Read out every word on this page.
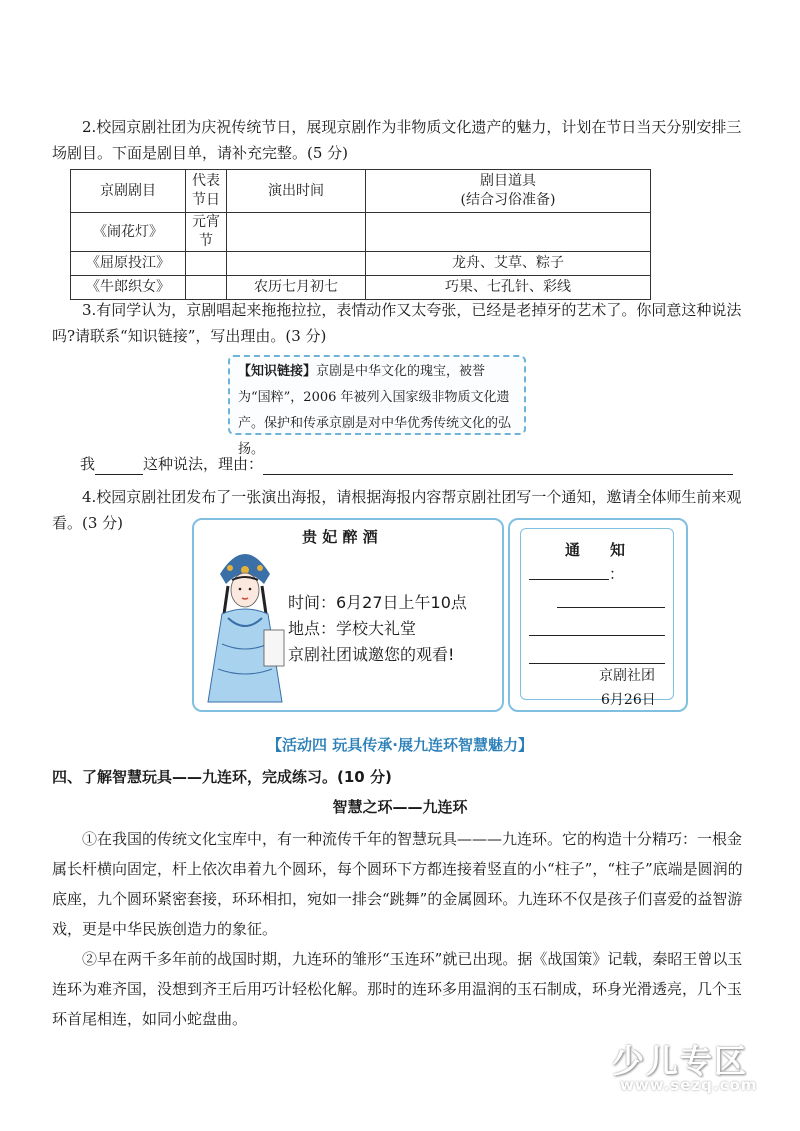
2.校园京剧社团为庆祝传统节日，展现京剧作为非物质文化遗产的魅力，计划在节日当天分别安排三场剧目。下面是剧目单，请补充完整。(5 分)
京剧剧目	代表节日	演出时间	剧目道具
(结合习俗准备)

《闹花灯》	元宵节		
《屈原投江》			龙舟、艾草、粽子
《牛郎织女》		农历七月初七	巧果、七孔针、彩线
3.有同学认为，京剧唱起来拖拖拉拉，表情动作又太夸张，已经是老掉牙的艺术了。你同意这种说法吗?请联系“知识链接”，写出理由。(3 分)
【知识链接】京剧是中华文化的瑰宝，被誉为“国粹”，2006 年被列入国家级非物质文化遗产。保护和传承京剧是对中华优秀传统文化的弘扬。
我	这种说法，理由：
4.校园京剧社团发布了一张演出海报，请根据海报内容帮京剧社团写一个通知，邀请全体师生前来观看。(3 分)
贵 妃 醉 酒
时间：6月27日上午10点
地点：学校大礼堂
京剧社团诚邀您的观看!
通　　知
：
京剧社团
6月26日
【活动四 玩具传承·展九连环智慧魅力】
四、了解智慧玩具——九连环，完成练习。(10 分)
智慧之环——九连环
①在我国的传统文化宝库中，有一种流传千年的智慧玩具———九连环。它的构造十分精巧：一根金属长杆横向固定，杆上依次串着九个圆环，每个圆环下方都连接着竖直的小“柱子”，“柱子”底端是圆润的底座，九个圆环紧密套接，环环相扣，宛如一排会“跳舞”的金属圆环。九连环不仅是孩子们喜爱的益智游戏，更是中华民族创造力的象征。
②早在两千多年前的战国时期，九连环的雏形“玉连环”就已出现。据《战国策》记载，秦昭王曾以玉连环为难齐国，没想到齐王后用巧计轻松化解。那时的连环多用温润的玉石制成，环身光滑透亮，几个玉环首尾相连，如同小蛇盘曲。
少儿专区
www.sezq.com
